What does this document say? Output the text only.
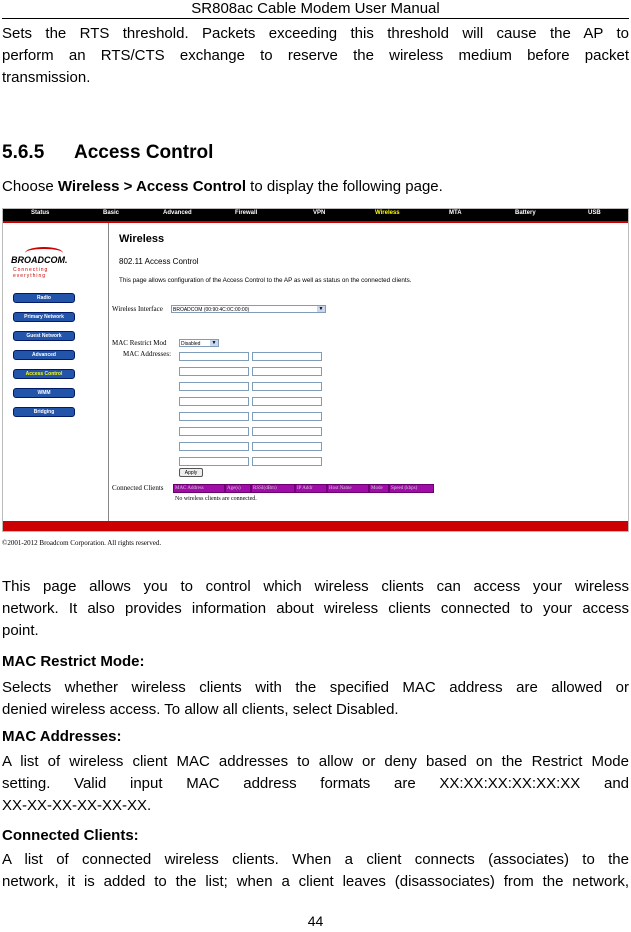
SR808ac Cable Modem User Manual

Sets the RTS threshold. Packets exceeding this threshold will cause the AP to
perform an RTS/CTS exchange to reserve the wireless medium before packet
transmission.

5.6.5 Access Control

Choose Wireless > Access Control to display the following page.

Status	Basic	Advanced	Firewall	VPN	Wireless	MTA	Battery	USB
BROADCOM.
Connecting everything
Radio
Primary Network
Guest Network
Advanced
Access Control
WMM
Bridging
Wireless
802.11 Access Control
This page allows configuration of the Access Control to the AP as well as status on the connected clients.
Wireless Interface	BROADCOM (00:90:4C:0C:00:00)	▼
MAC Restrict Mod	Disabled	▼
MAC Addresses:
Apply
Connected Clients	MAC Address	Age(s)	RSSI(dBm)	IP Addr	Host Name	Mode	Speed (kbps)
No wireless clients are connected.
©2001-2012 Broadcom Corporation. All rights reserved.

This page allows you to control which wireless clients can access your wireless
network. It also provides information about wireless clients connected to your access
point.

MAC Restrict Mode:

Selects whether wireless clients with the specified MAC address are allowed or
denied wireless access. To allow all clients, select Disabled.

MAC Addresses:

A list of wireless client MAC addresses to allow or deny based on the Restrict Mode
setting. Valid input MAC address formats are XX:XX:XX:XX:XX:XX and
XX-XX-XX-XX-XX-XX.

Connected Clients:

A list of connected wireless clients. When a client connects (associates) to the
network, it is added to the list; when a client leaves (disassociates) from the network,

44
